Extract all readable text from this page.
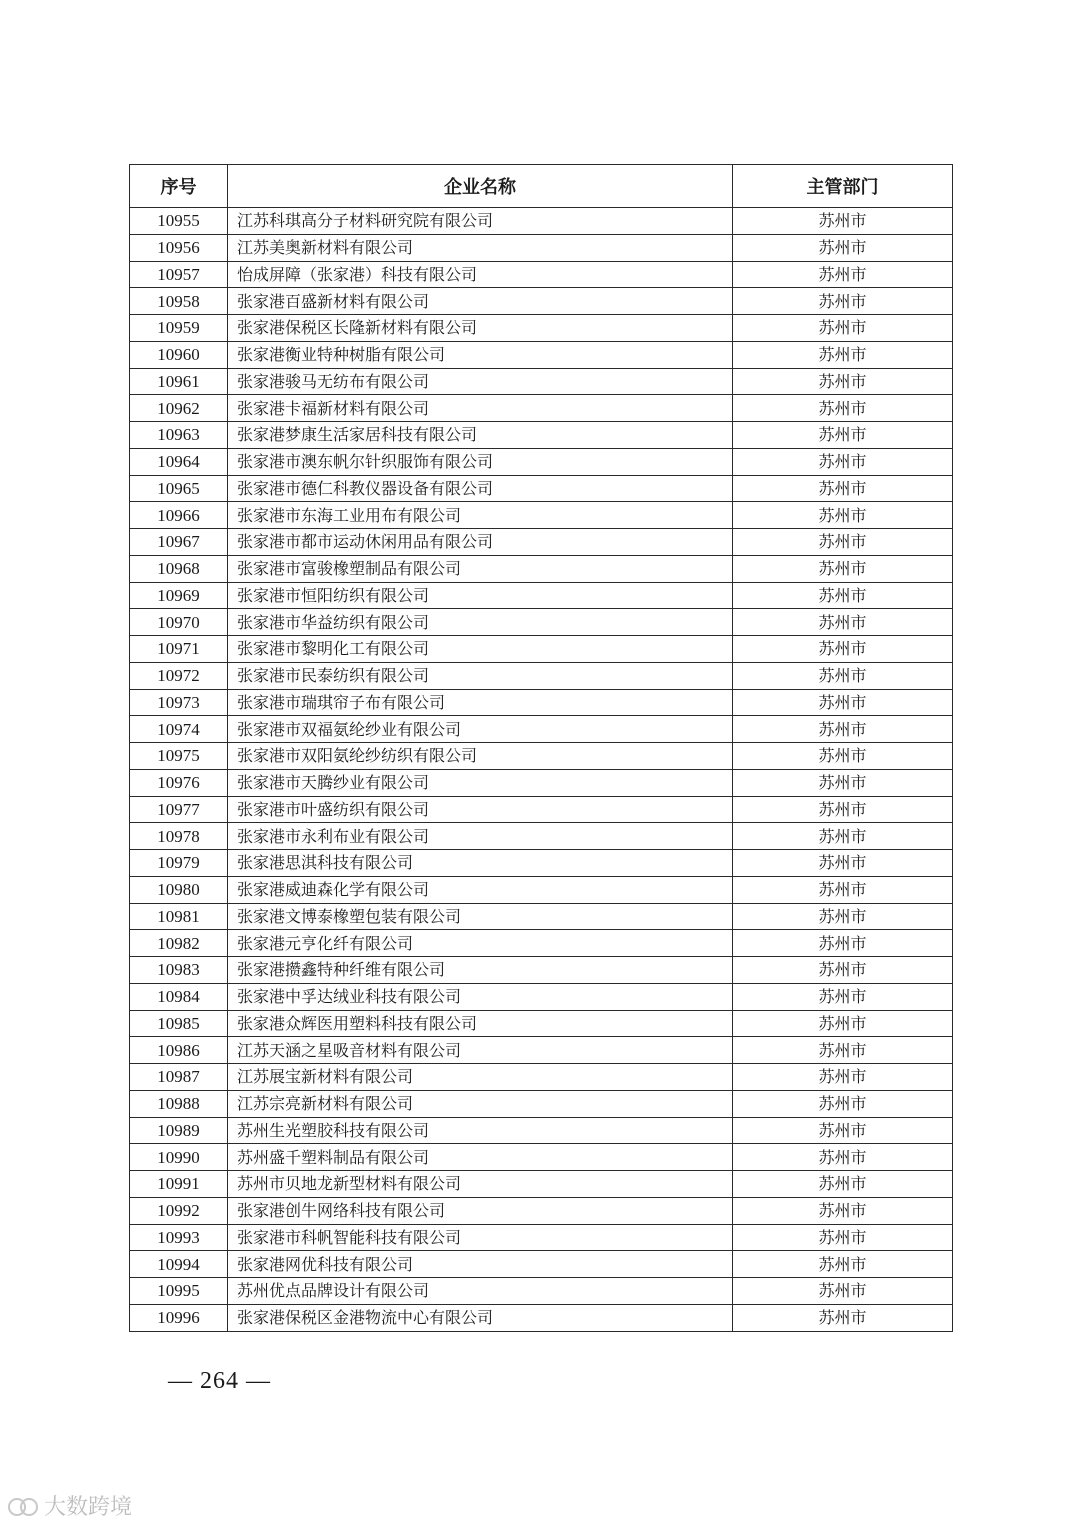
序号	企业名称	主管部门
10955	江苏科琪高分子材料研究院有限公司	苏州市
10956	江苏美奥新材料有限公司	苏州市
10957	怡成屏障（张家港）科技有限公司	苏州市
10958	张家港百盛新材料有限公司	苏州市
10959	张家港保税区长隆新材料有限公司	苏州市
10960	张家港衡业特种树脂有限公司	苏州市
10961	张家港骏马无纺布有限公司	苏州市
10962	张家港卡福新材料有限公司	苏州市
10963	张家港梦康生活家居科技有限公司	苏州市
10964	张家港市澳东帆尔针织服饰有限公司	苏州市
10965	张家港市德仁科教仪器设备有限公司	苏州市
10966	张家港市东海工业用布有限公司	苏州市
10967	张家港市都市运动休闲用品有限公司	苏州市
10968	张家港市富骏橡塑制品有限公司	苏州市
10969	张家港市恒阳纺织有限公司	苏州市
10970	张家港市华益纺织有限公司	苏州市
10971	张家港市黎明化工有限公司	苏州市
10972	张家港市民泰纺织有限公司	苏州市
10973	张家港市瑞琪帘子布有限公司	苏州市
10974	张家港市双福氨纶纱业有限公司	苏州市
10975	张家港市双阳氨纶纱纺织有限公司	苏州市
10976	张家港市天腾纱业有限公司	苏州市
10977	张家港市叶盛纺织有限公司	苏州市
10978	张家港市永利布业有限公司	苏州市
10979	张家港思淇科技有限公司	苏州市
10980	张家港威迪森化学有限公司	苏州市
10981	张家港文博泰橡塑包装有限公司	苏州市
10982	张家港元亨化纤有限公司	苏州市
10983	张家港攒鑫特种纤维有限公司	苏州市
10984	张家港中孚达绒业科技有限公司	苏州市
10985	张家港众辉医用塑料科技有限公司	苏州市
10986	江苏天涵之星吸音材料有限公司	苏州市
10987	江苏展宝新材料有限公司	苏州市
10988	江苏宗亮新材料有限公司	苏州市
10989	苏州生光塑胶科技有限公司	苏州市
10990	苏州盛千塑料制品有限公司	苏州市
10991	苏州市贝地龙新型材料有限公司	苏州市
10992	张家港创牛网络科技有限公司	苏州市
10993	张家港市科帆智能科技有限公司	苏州市
10994	张家港网优科技有限公司	苏州市
10995	苏州优点品牌设计有限公司	苏州市
10996	张家港保税区金港物流中心有限公司	苏州市
— 264 —
大数跨境
